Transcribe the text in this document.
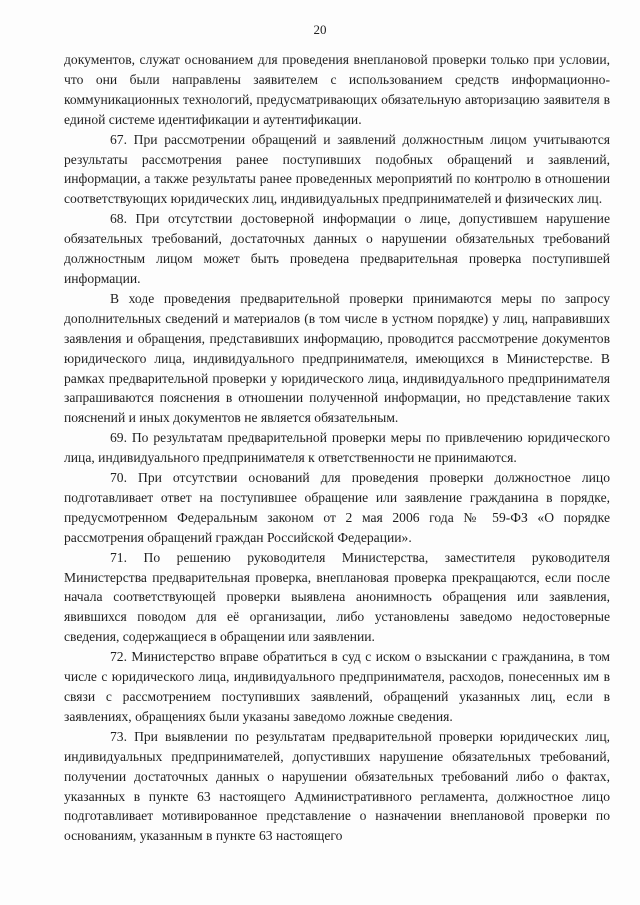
20

документов, служат основанием для проведения внеплановой проверки только при условии, что они были направлены заявителем с использованием средств информационно-коммуникационных технологий, предусматривающих обязательную авторизацию заявителя в единой системе идентификации и аутентификации.

67. При рассмотрении обращений и заявлений должностным лицом учитываются результаты рассмотрения ранее поступивших подобных обращений и заявлений, информации, а также результаты ранее проведенных мероприятий по контролю в отношении соответствующих юридических лиц, индивидуальных предпринимателей и физических лиц.

68. При отсутствии достоверной информации о лице, допустившем нарушение обязательных требований, достаточных данных о нарушении обязательных требований должностным лицом может быть проведена предварительная проверка поступившей информации.

В ходе проведения предварительной проверки принимаются меры по запросу дополнительных сведений и материалов (в том числе в устном порядке) у лиц, направивших заявления и обращения, представивших информацию, проводится рассмотрение документов юридического лица, индивидуального предпринимателя, имеющихся в Министерстве. В рамках предварительной проверки у юридического лица, индивидуального предпринимателя запрашиваются пояснения в отношении полученной информации, но представление таких пояснений и иных документов не является обязательным.

69. По результатам предварительной проверки меры по привлечению юридического лица, индивидуального предпринимателя к ответственности не принимаются.

70. При отсутствии оснований для проведения проверки должностное лицо подготавливает ответ на поступившее обращение или заявление гражданина в порядке, предусмотренном Федеральным законом от 2 мая 2006 года № 59-ФЗ «О порядке рассмотрения обращений граждан Российской Федерации».

71. По решению руководителя Министерства, заместителя руководителя Министерства предварительная проверка, внеплановая проверка прекращаются, если после начала соответствующей проверки выявлена анонимность обращения или заявления, явившихся поводом для её организации, либо установлены заведомо недостоверные сведения, содержащиеся в обращении или заявлении.

72. Министерство вправе обратиться в суд с иском о взыскании с гражданина, в том числе с юридического лица, индивидуального предпринимателя, расходов, понесенных им в связи с рассмотрением поступивших заявлений, обращений указанных лиц, если в заявлениях, обращениях были указаны заведомо ложные сведения.

73. При выявлении по результатам предварительной проверки юридических лиц, индивидуальных предпринимателей, допустивших нарушение обязательных требований, получении достаточных данных о нарушении обязательных требований либо о фактах, указанных в пункте 63 настоящего Административного регламента, должностное лицо подготавливает мотивированное представление о назначении внеплановой проверки по основаниям, указанным в пункте 63 настоящего
